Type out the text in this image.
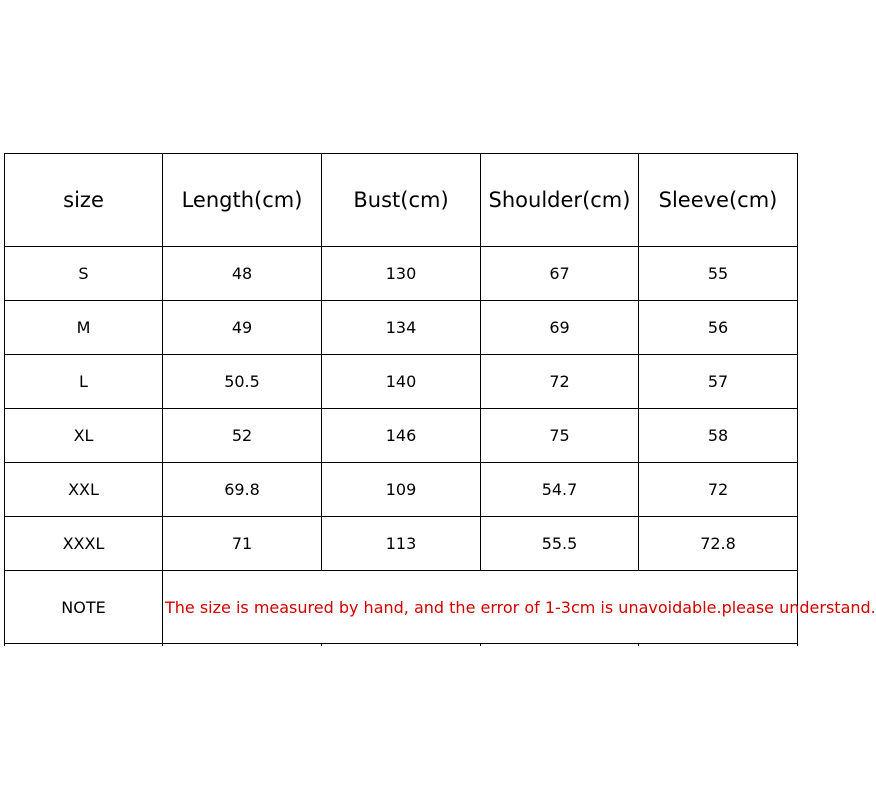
size	Length(cm)	Bust(cm)	Shoulder(cm)	Sleeve(cm)
S	48	130	67	55
M	49	134	69	56
L	50.5	140	72	57
XL	52	146	75	58
XXL	69.8	109	54.7	72
XXXL	71	113	55.5	72.8
NOTE	The size is measured by hand, and the error of 1-3cm is unavoidable.please understand.			
